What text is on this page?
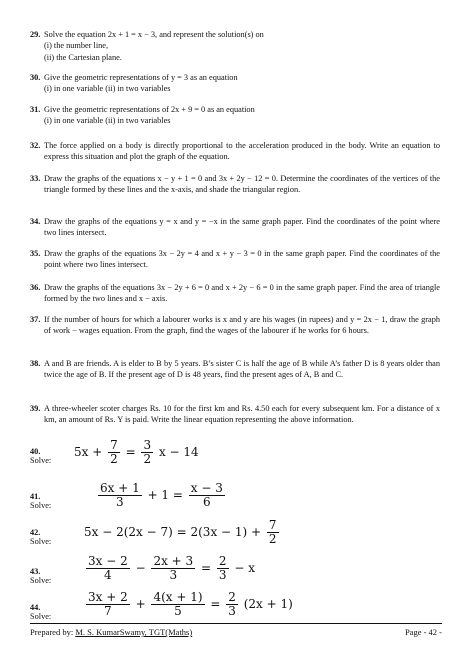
29. Solve the equation 2x + 1 = x − 3, and represent the solution(s) on
(i) the number line,
(ii) the Cartesian plane.
30. Give the geometric representations of y = 3 as an equation
(i) in one variable (ii) in two variables
31. Give the geometric representations of 2x + 9 = 0 as an equation
(i) in one variable (ii) in two variables
32. The force applied on a body is directly proportional to the acceleration produced in the body. Write an equation to express this situation and plot the graph of the equation.
33. Draw the graphs of the equations x − y + 1 = 0 and 3x + 2y − 12 = 0. Determine the coordinates of the vertices of the triangle formed by these lines and the x-axis, and shade the triangular region.
34. Draw the graphs of the equations y = x and y = −x in the same graph paper. Find the coordinates of the point where two lines intersect.
35. Draw the graphs of the equations 3x − 2y = 4 and x + y − 3 = 0 in the same graph paper. Find the coordinates of the point where two lines intersect.
36. Draw the graphs of the equations 3x − 2y + 6 = 0 and x + 2y − 6 = 0 in the same graph paper. Find the area of triangle formed by the two lines and x − axis.
37. If the number of hours for which a labourer works is x and y are his wages (in rupees) and y = 2x − 1, draw the graph of work − wages equation. From the graph, find the wages of the labourer if he works for 6 hours.
38. A and B are friends. A is elder to B by 5 years. B’s sister C is half the age of B while A’s father D is 8 years older than twice the age of B. If the present age of D is 48 years, find the present ages of A, B and C.
39. A three-wheeler scoter charges Rs. 10 for the first km and Rs. 4.50 each for every subsequent km. For a distance of x km, an amount of Rs. Y is paid. Write the linear equation representing the above information.
40. Solve:
$5x + \frac{7}{2} = \frac{3}{2}$ x − 14
41. Solve:	$\frac{6x + 1}{3} + 1 = \frac{x - 3}{6}$
42. Solve:
$5x - 2(2x - 7) = 2(3x - 1) + \frac{7}{2}$
43. Solve:	$\frac{3x - 2}{4} - \frac{2x + 3}{3} = \frac{2}{3} - x$
44. Solve:	$\frac{3x + 2}{7} + \frac{4(x + 1)}{5} = \frac{2}{3} (2x + 1)$
Prepared by: M. S. KumarSwamy, TGT(Maths)	Page - 42 -
